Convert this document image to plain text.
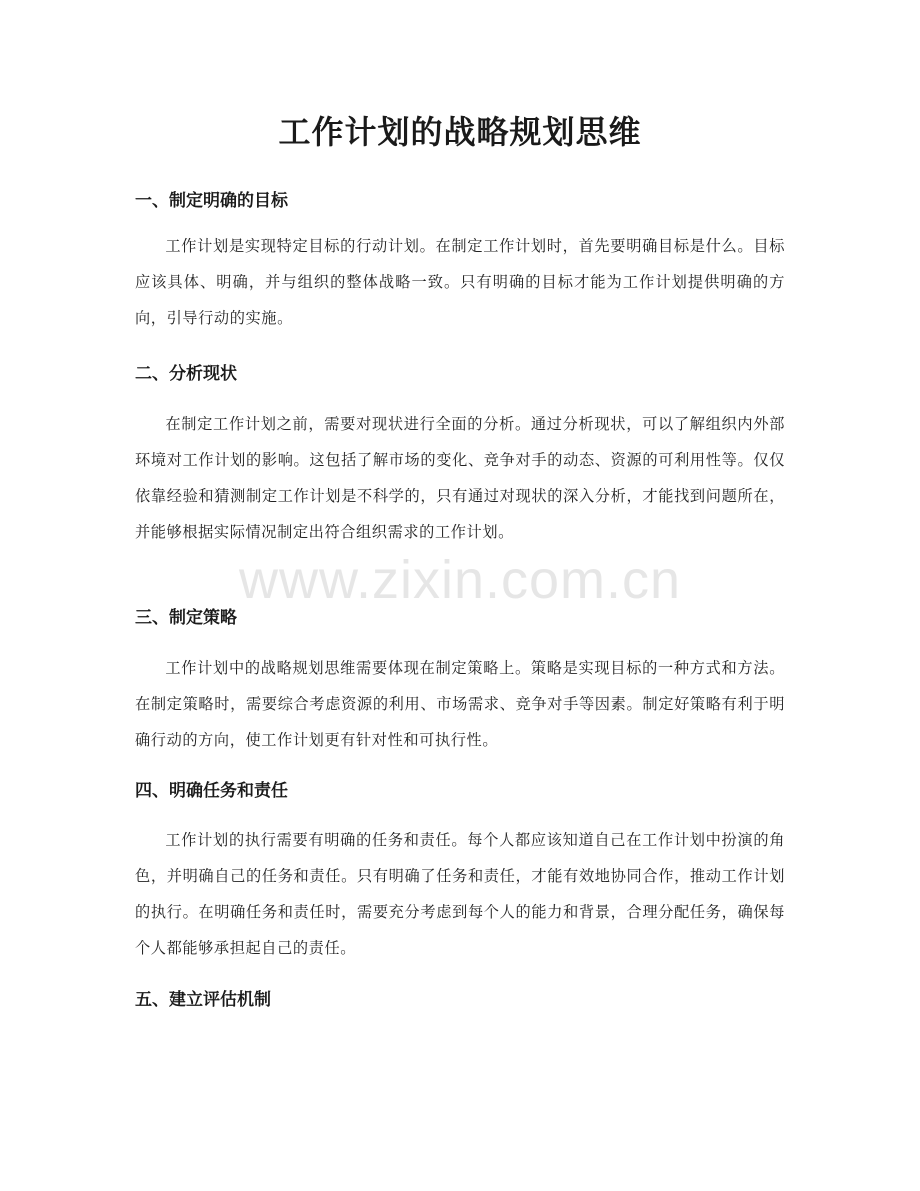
工作计划的战略规划思维
一、制定明确的目标

工作计划是实现特定目标的行动计划。在制定工作计划时，首先要明确目标是什么。目标应该具体、明确，并与组织的整体战略一致。只有明确的目标才能为工作计划提供明确的方向，引导行动的实施。

二、分析现状

在制定工作计划之前，需要对现状进行全面的分析。通过分析现状，可以了解组织内外部环境对工作计划的影响。这包括了解市场的变化、竞争对手的动态、资源的可利用性等。仅仅依靠经验和猜测制定工作计划是不科学的，只有通过对现状的深入分析，才能找到问题所在，并能够根据实际情况制定出符合组织需求的工作计划。

三、制定策略

工作计划中的战略规划思维需要体现在制定策略上。策略是实现目标的一种方式和方法。在制定策略时，需要综合考虑资源的利用、市场需求、竞争对手等因素。制定好策略有利于明确行动的方向，使工作计划更有针对性和可执行性。

四、明确任务和责任

工作计划的执行需要有明确的任务和责任。每个人都应该知道自己在工作计划中扮演的角色，并明确自己的任务和责任。只有明确了任务和责任，才能有效地协同合作，推动工作计划的执行。在明确任务和责任时，需要充分考虑到每个人的能力和背景，合理分配任务，确保每个人都能够承担起自己的责任。

五、建立评估机制
www.zixin.com.cn
